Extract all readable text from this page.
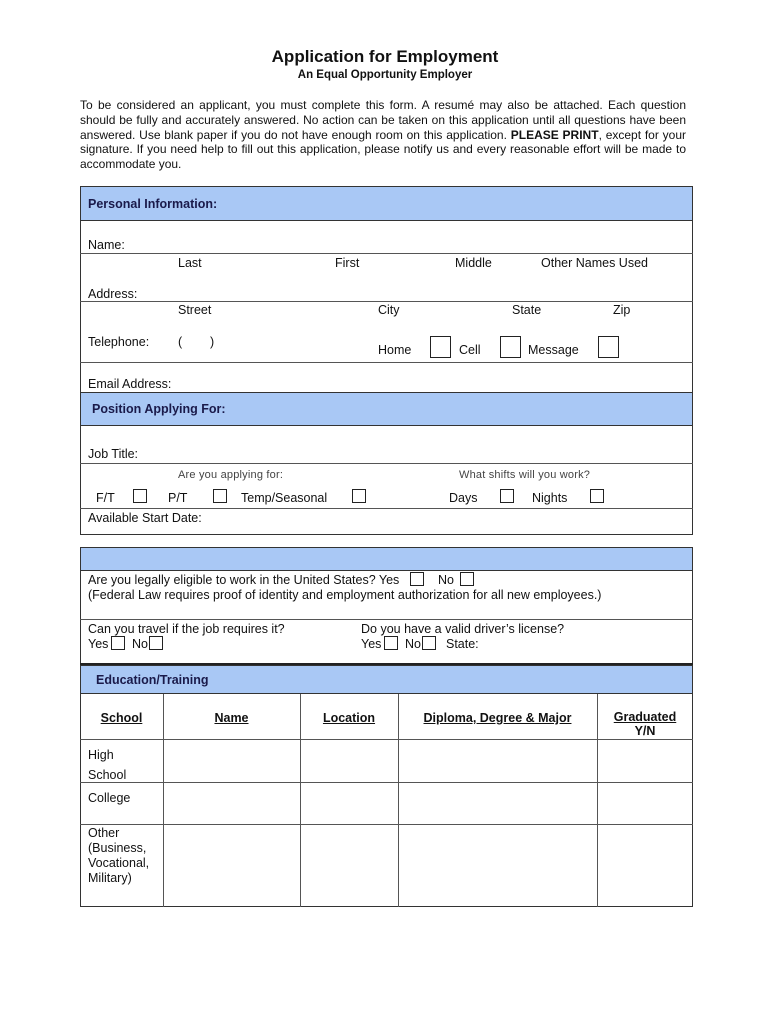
Application for Employment
An Equal Opportunity Employer
To be considered an applicant, you must complete this form. A resumé may also be attached. Each question should be fully and accurately answered. No action can be taken on this application until all questions have been answered. Use blank paper if you do not have enough room on this application. PLEASE PRINT, except for your signature. If you need help to fill out this application, please notify us and every reasonable effort will be made to accommodate you.
Personal Information:
Name:
Last	First	Middle	Other Names Used
Address:
Street	City	State	Zip
Telephone: (        )
Home	Cell	Message
Email Address:
Position Applying For:
Job Title:
Are you applying for:	What shifts will you work?
F/T	P/T	Temp/Seasonal	Days	Nights
Available Start Date:
Are you legally eligible to work in the United States? Yes	No
(Federal Law requires proof of identity and employment authorization for all new employees.)
Can you travel if the job requires it?
Yes No
Do you have a valid driver’s license?
Yes No State:
Education/Training
School	Name	Location	Diploma, Degree & Major	Graduated
Y/N
High
School
College
Other
(Business,
Vocational,
Military)
